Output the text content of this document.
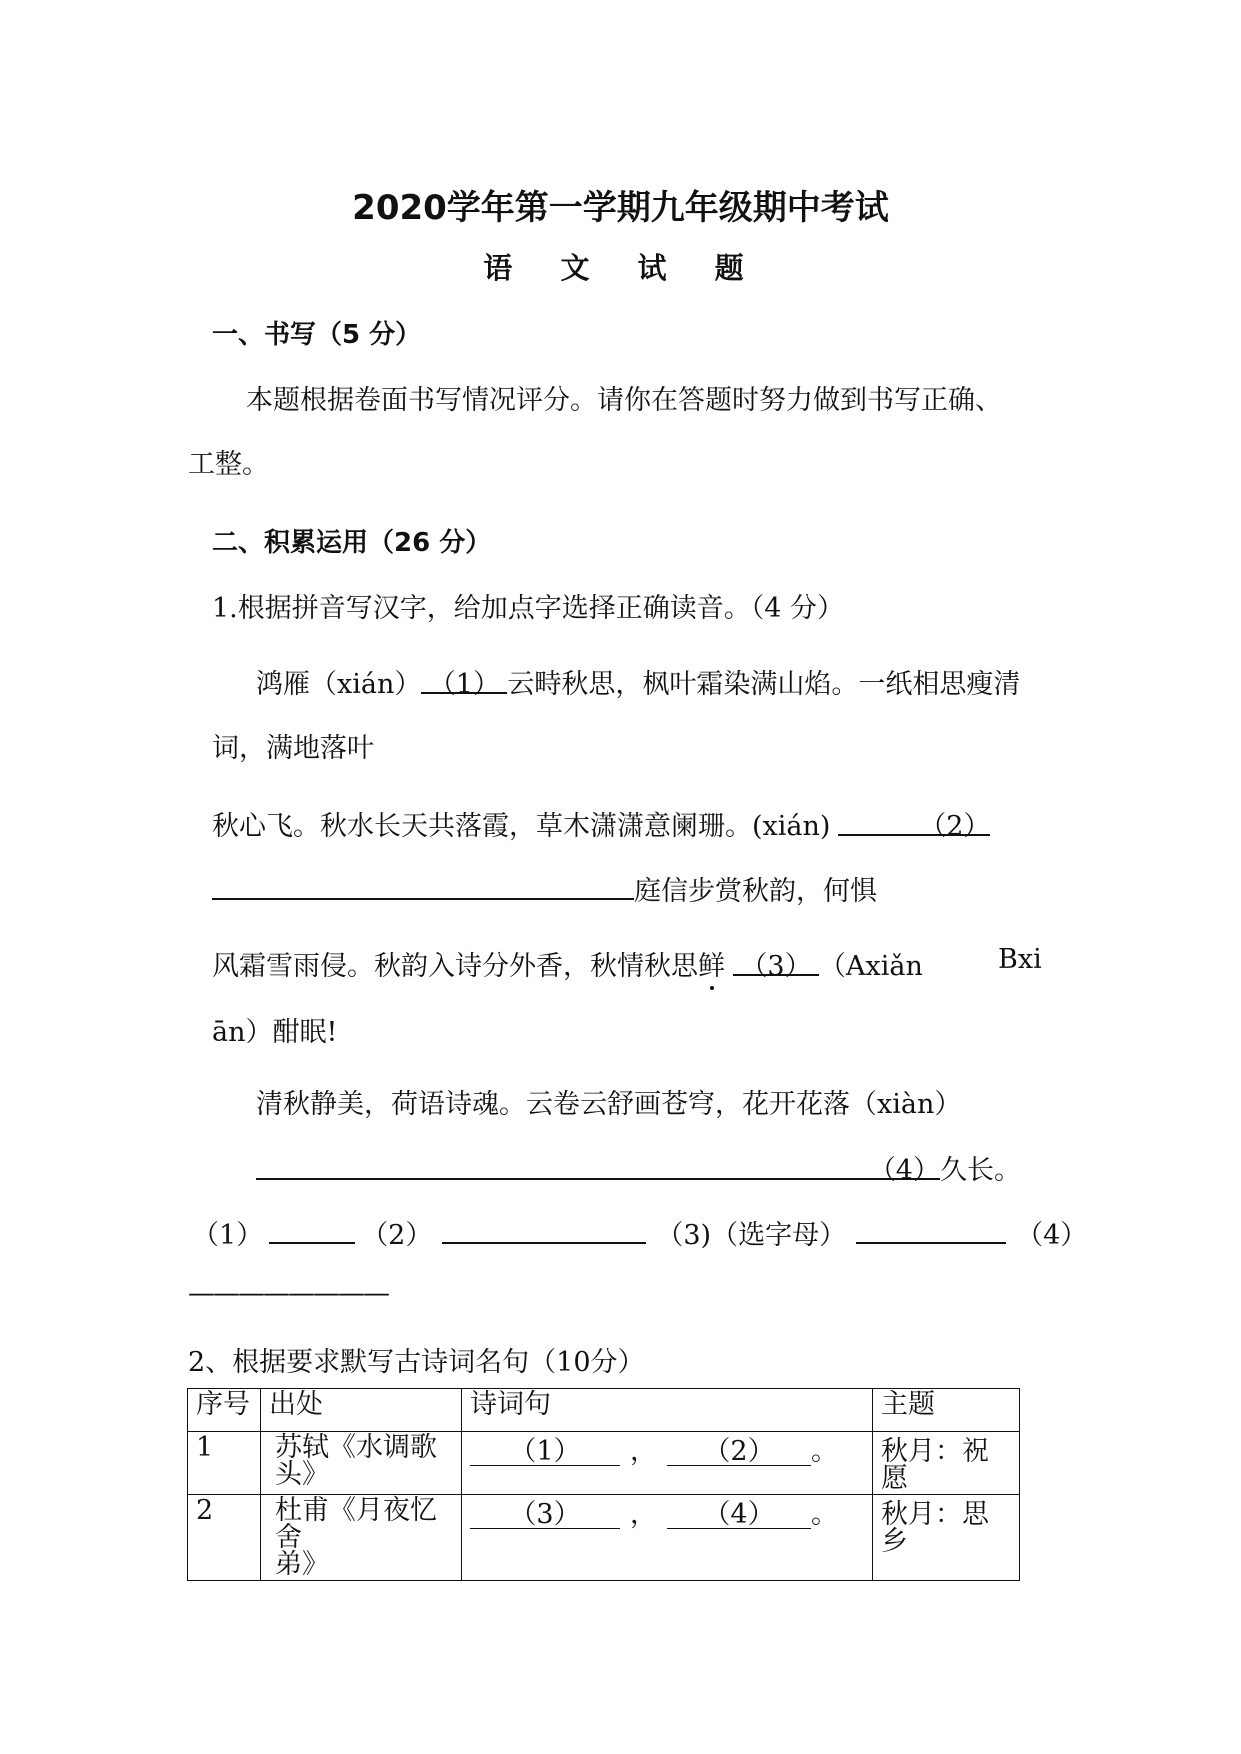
2020学年第一学期九年级期中考试
语 文 试 题
一、书写（5 分）
本题根据卷面书写情况评分。请你在答题时努力做到书写正确、
工整。
二、积累运用（26 分）
1.根据拼音写汉字，给加点字选择正确读音。（4 分）
鸿雁（xián） （1） 云畤秋思，枫叶霜染满山焰。一纸相思瘦清
词，满地落叶
秋心飞。秋水长天共落霞，草木潇潇意阑珊。(xián)	（2）
庭信步赏秋韵，何惧
风霜雪雨侵。秋韵入诗分外香，秋情秋思鲜 （3） （Axiǎn	Bxi
ān）酣眠!
清秋静美，荷语诗魂。云卷云舒画苍穹，花开花落（xiàn）
（4）久长。
（1）	（2）	（3)（选字母）	（4）
————————
2、根据要求默写古诗词名句（10分）
序号	出处	诗词句	主题
1	苏轼《水调歌
头》	（1） ， （2） 。	秋月：祝愿
2	杜甫《月夜忆舍
弟》	（3） ， （4） 。	秋月：思乡
